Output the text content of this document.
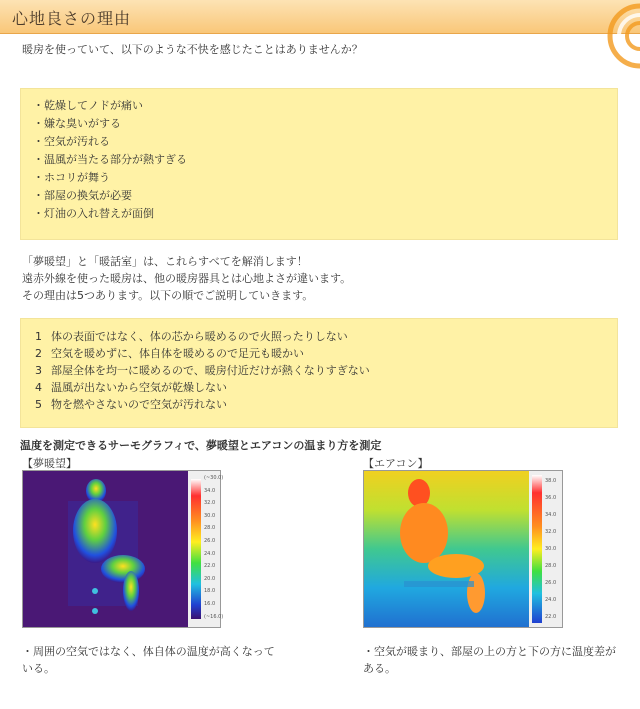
心地良さの理由
暖房を使っていて、以下のような不快を感じたことはありませんか？
・乾燥してノドが痛い
・嫌な臭いがする
・空気が汚れる
・温風が当たる部分が熱すぎる
・ホコリが舞う
・部屋の換気が必要
・灯油の入れ替えが面倒

「夢暖望」と「暖話室」は、これらすべてを解消します！

遠赤外線を使った暖房は、他の暖房器具とは心地よさが違います。

その理由は5つあります。以下の順でご説明していきます。

1 体の表面ではなく、体の芯から暖めるので火照ったりしない
2 空気を暖めずに、体自体を暖めるので足元も暖かい
3 部屋全体を均一に暖めるので、暖房付近だけが熱くなりすぎない
4 温風が出ないから空気が乾燥しない
5 物を燃やさないので空気が汚れない
温度を測定できるサーモグラフィで、夢暖望とエアコンの温まり方を測定
【夢暖望】	【エアコン】
(~30.0)
34.0
32.0
30.0
28.0
26.0
24.0
22.0
20.0
18.0
16.0
(~16.0)
38.0
36.0
34.0
32.0
30.0
28.0
26.0
24.0
22.0
・周囲の空気ではなく、体自体の温度が高くなっている。
・空気が暖まり、部屋の上の方と下の方に温度差がある。
